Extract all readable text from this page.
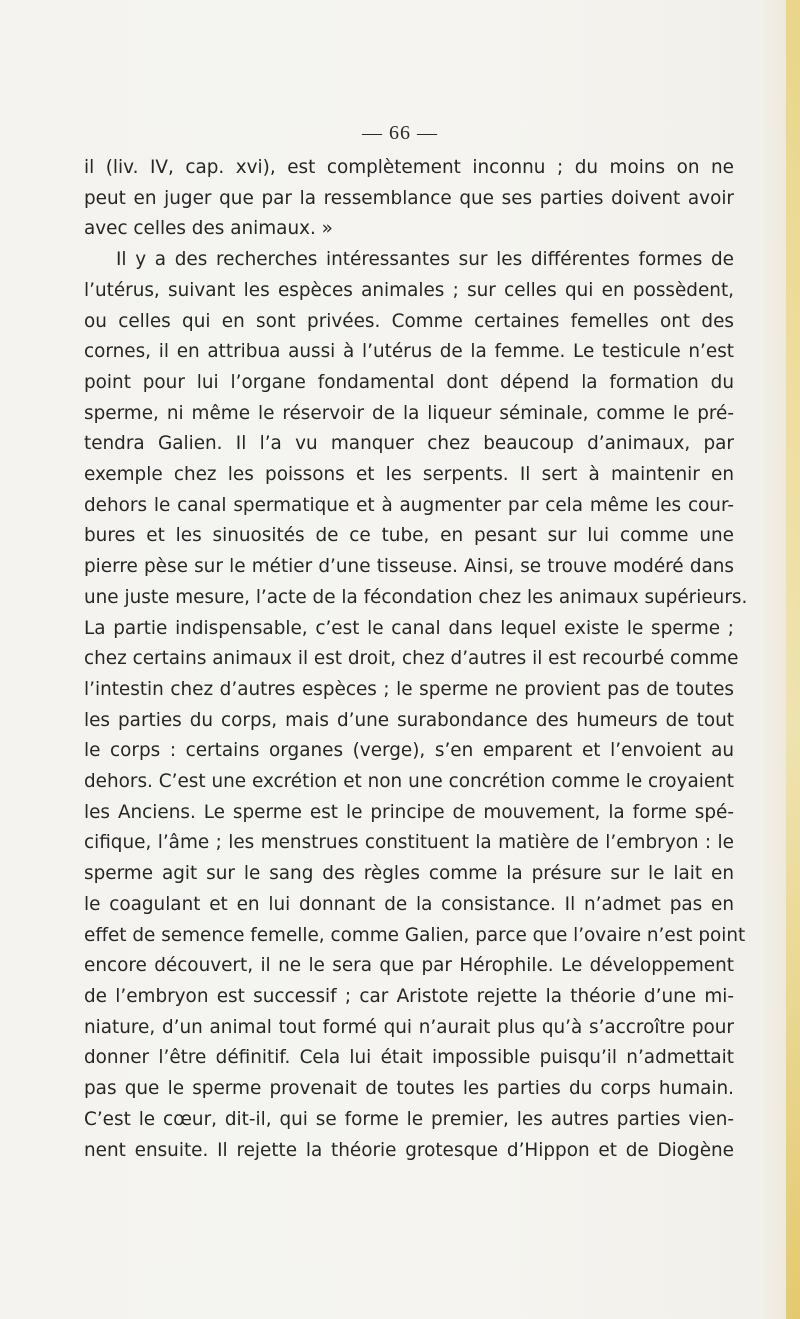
— 66 —

il (liv. IV, cap. xvi), est complètement inconnu ; du moins on ne
peut en juger que par la ressemblance que ses parties doivent avoir
avec celles des animaux. »

Il y a des recherches intéressantes sur les différentes formes de
l’utérus, suivant les espèces animales ; sur celles qui en possèdent,
ou celles qui en sont privées. Comme certaines femelles ont des
cornes, il en attribua aussi à l’utérus de la femme. Le testicule n’est
point pour lui l’organe fondamental dont dépend la formation du
sperme, ni même le réservoir de la liqueur séminale, comme le pré-
tendra Galien. Il l’a vu manquer chez beaucoup d’animaux, par
exemple chez les poissons et les serpents. Il sert à maintenir en
dehors le canal spermatique et à augmenter par cela même les cour-
bures et les sinuosités de ce tube, en pesant sur lui comme une
pierre pèse sur le métier d’une tisseuse. Ainsi, se trouve modéré dans
une juste mesure, l’acte de la fécondation chez les animaux supérieurs.
La partie indispensable, c’est le canal dans lequel existe le sperme ;
chez certains animaux il est droit, chez d’autres il est recourbé comme
l’intestin chez d’autres espèces ; le sperme ne provient pas de toutes
les parties du corps, mais d’une surabondance des humeurs de tout
le corps : certains organes (verge), s’en emparent et l’envoient au
dehors. C’est une excrétion et non une concrétion comme le croyaient
les Anciens. Le sperme est le principe de mouvement, la forme spé-
cifique, l’âme ; les menstrues constituent la matière de l’embryon : le
sperme agit sur le sang des règles comme la présure sur le lait en
le coagulant et en lui donnant de la consistance. Il n’admet pas en
effet de semence femelle, comme Galien, parce que l’ovaire n’est point
encore découvert, il ne le sera que par Hérophile. Le développement
de l’embryon est successif ; car Aristote rejette la théorie d’une mi-
niature, d’un animal tout formé qui n’aurait plus qu’à s’accroître pour
donner l’être définitif. Cela lui était impossible puisqu’il n’admettait
pas que le sperme provenait de toutes les parties du corps humain.
C’est le cœur, dit-il, qui se forme le premier, les autres parties vien-
nent ensuite. Il rejette la théorie grotesque d’Hippon et de Diogène
